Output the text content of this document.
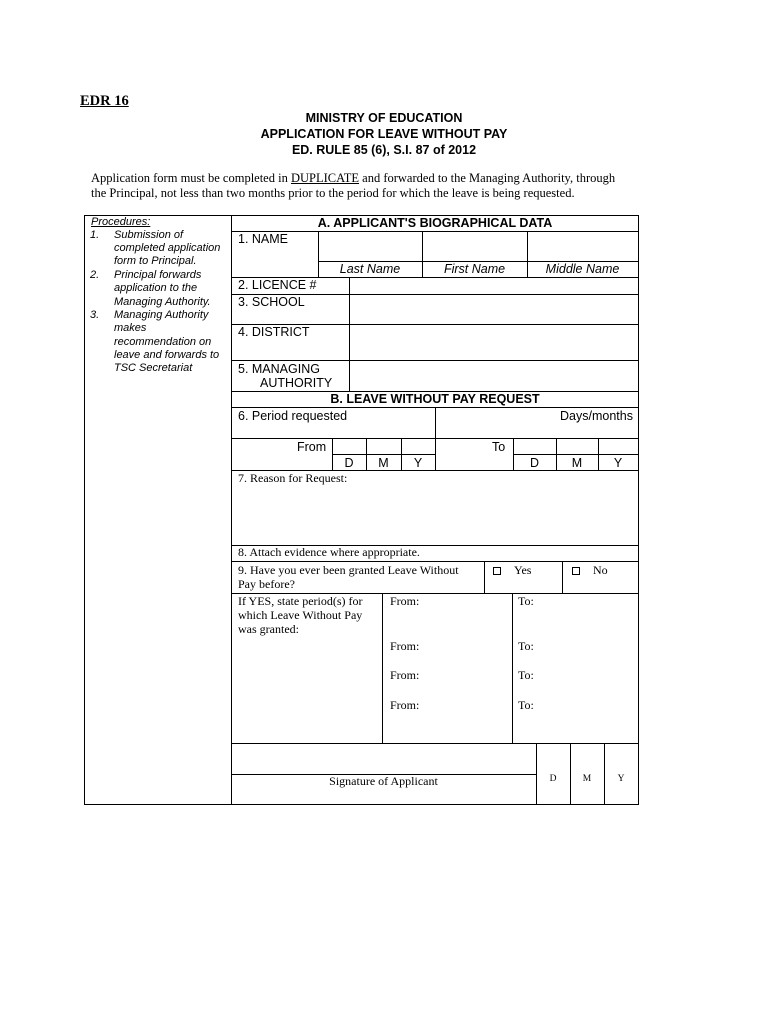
EDR 16
MINISTRY OF EDUCATION
APPLICATION FOR LEAVE WITHOUT PAY
ED. RULE 85 (6), S.I. 87 of 2012
Application form must be completed in DUPLICATE and forwarded to the Managing Authority, through
the Principal, not less than two months prior to the period for which the leave is being requested.
Procedures:
1. Submission of
completed application
form to Principal.
2. Principal forwards
application to the
Managing Authority.
3. Managing Authority
makes
recommendation on
leave and forwards to
TSC Secretariat
A. APPLICANT'S BIOGRAPHICAL DATA
1. NAME
Last Name	First Name	Middle Name
2. LICENCE #
3. SCHOOL
4. DISTRICT
5. MANAGING
AUTHORITY
B. LEAVE WITHOUT PAY REQUEST
6. Period requested	Days/months
From	To
D	M	Y	D	M	Y
7. Reason for Request:
8. Attach evidence where appropriate.
9. Have you ever been granted Leave Without
Pay before?
Yes	No
If YES, state period(s) for
which Leave Without Pay
was granted:
From:	To:
From:	To:
From:	To:
From:	To:
Signature of Applicant	D	M	Y
